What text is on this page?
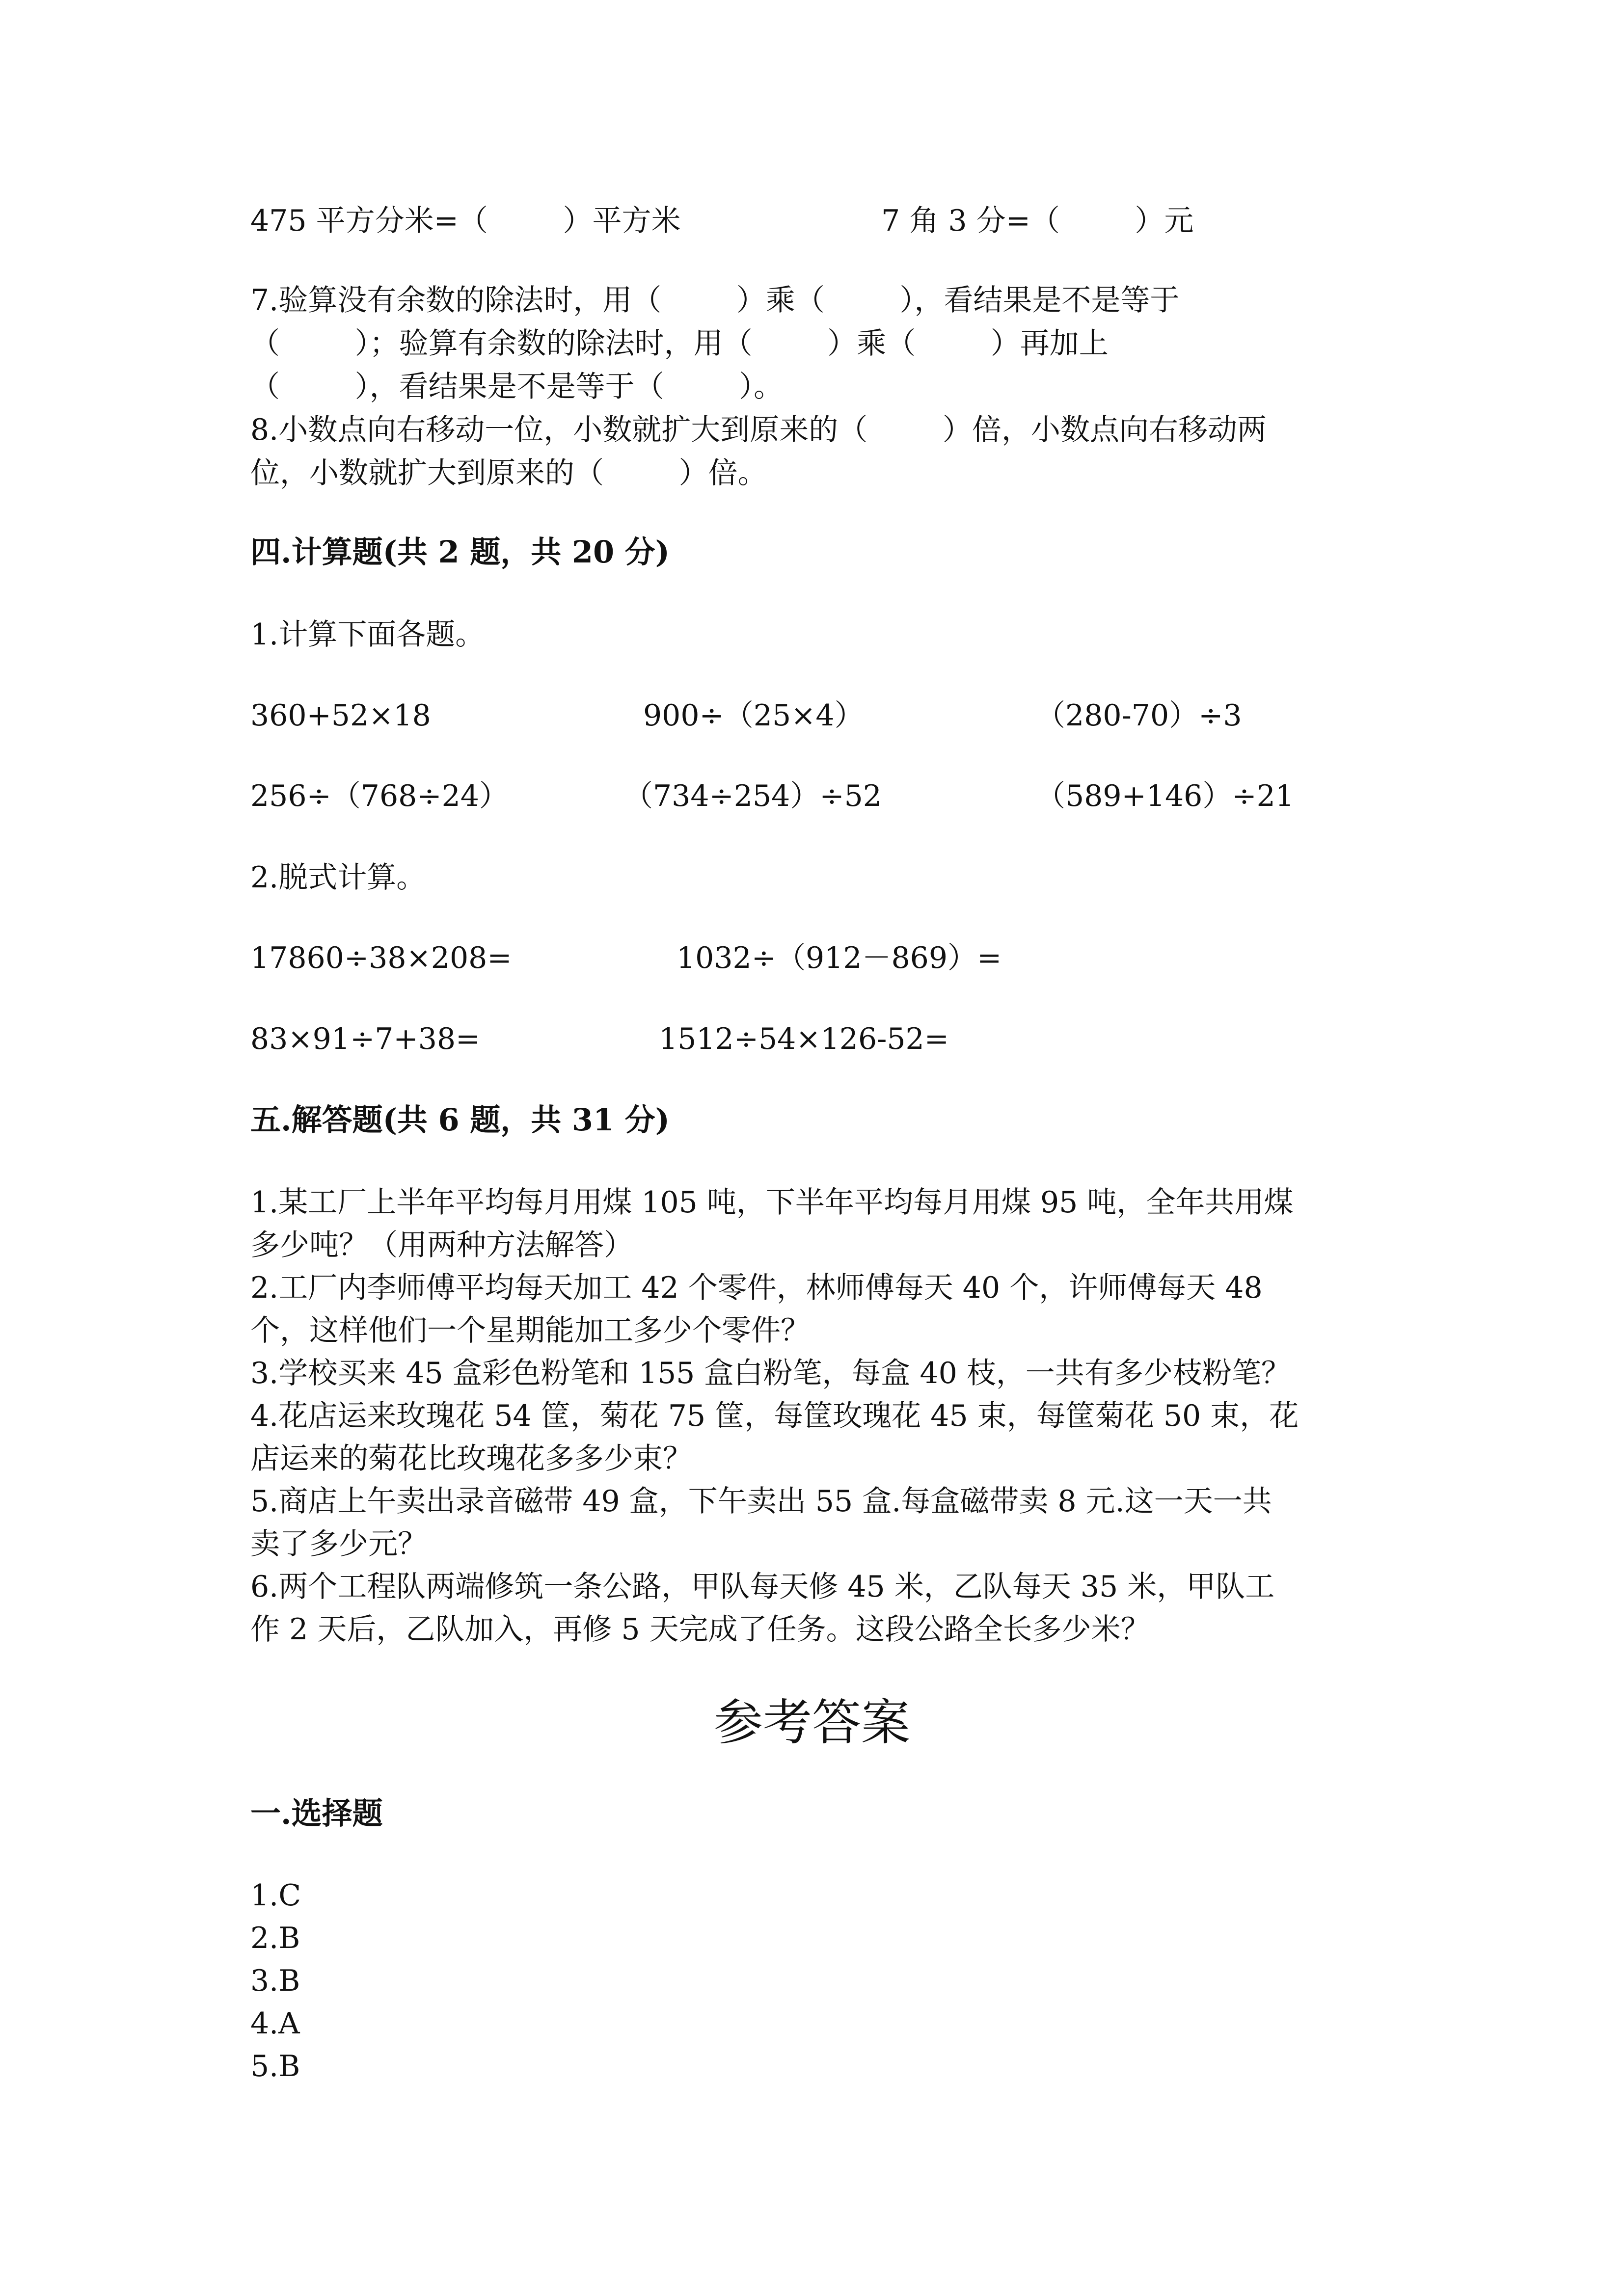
475 平方分米=（        ）平方米	7 角 3 分=（        ）元
7.验算没有余数的除法时，用（        ）乘（        ），看结果是不是等于
（        ）；验算有余数的除法时，用（        ）乘（        ）再加上
（        ），看结果是不是等于（        ）。
8.小数点向右移动一位，小数就扩大到原来的（        ）倍，小数点向右移动两
位，小数就扩大到原来的（        ）倍。
四.计算题(共 2 题，共 20 分)
1.计算下面各题。
360+52×18	900÷（25×4）	（280-70）÷3
256÷（768÷24）	（734÷254）÷52	（589+146）÷21
2.脱式计算。
17860÷38×208=	1032÷（912－869）=
83×91÷7+38=	1512÷54×126-52=
五.解答题(共 6 题，共 31 分)
1.某工厂上半年平均每月用煤 105 吨，下半年平均每月用煤 95 吨，全年共用煤
多少吨？（用两种方法解答）
2.工厂内李师傅平均每天加工 42 个零件，林师傅每天 40 个，许师傅每天 48
个，这样他们一个星期能加工多少个零件？
3.学校买来 45 盒彩色粉笔和 155 盒白粉笔，每盒 40 枝，一共有多少枝粉笔？
4.花店运来玫瑰花 54 筐，菊花 75 筐，每筐玫瑰花 45 束，每筐菊花 50 束，花
店运来的菊花比玫瑰花多多少束？
5.商店上午卖出录音磁带 49 盒，下午卖出 55 盒.每盒磁带卖 8 元.这一天一共
卖了多少元？
6.两个工程队两端修筑一条公路，甲队每天修 45 米，乙队每天 35 米，甲队工
作 2 天后，乙队加入，再修 5 天完成了任务。这段公路全长多少米？
参考答案
一.选择题
1.C
2.B
3.B
4.A
5.B
